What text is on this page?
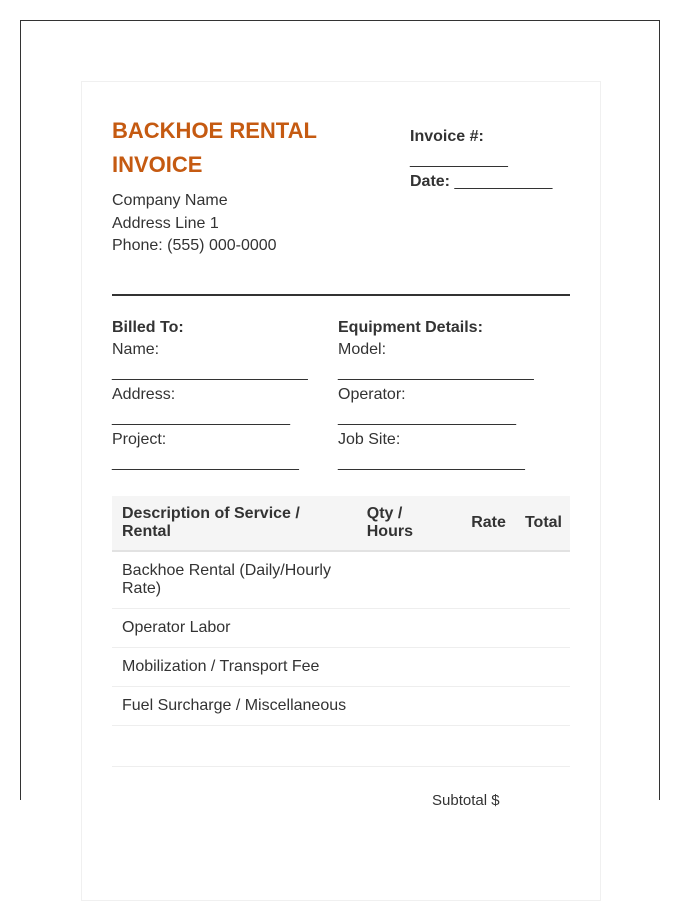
BACKHOE RENTAL
INVOICE
Company Name
Address Line 1
Phone: (555) 000-0000
Invoice #:
___________
Date: ___________
Billed To:
Name:
______________________
Address:
____________________
Project:
_____________________
Equipment Details:
Model:
______________________
Operator:
____________________
Job Site:
_____________________
Description of Service / Rental	Qty / Hours	Rate	Total
Backhoe Rental (Daily/Hourly Rate)			
Operator Labor			
Mobilization / Transport Fee			
Fuel Surcharge / Miscellaneous			

Subtotal $
